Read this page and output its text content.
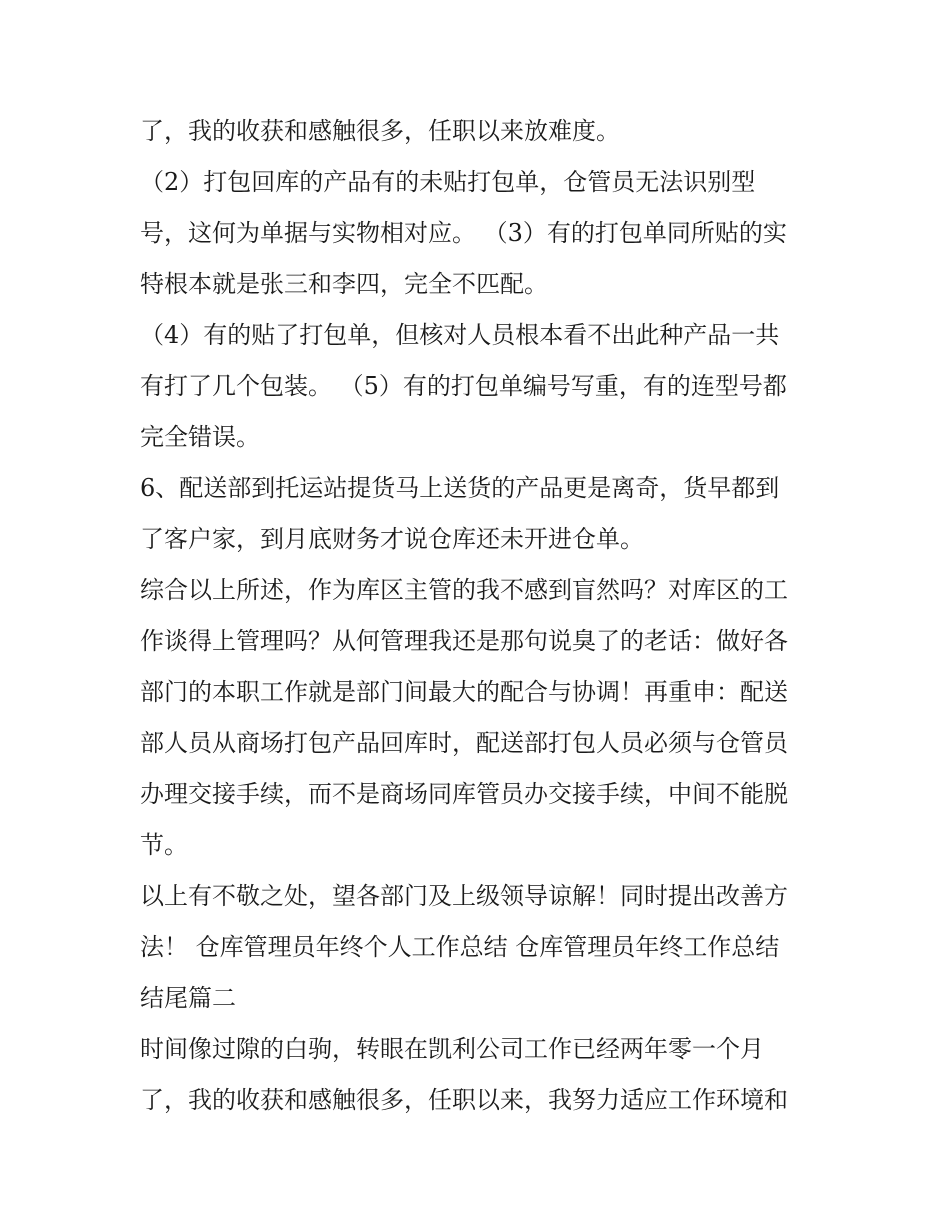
了，我的收获和感触很多，任职以来放难度。
（2）打包回库的产品有的未贴打包单，仓管员无法识别型
号，这何为单据与实物相对应。 （3）有的打包单同所贴的实
特根本就是张三和李四，完全不匹配。
（4）有的贴了打包单，但核对人员根本看不出此种产品一共
有打了几个包装。 （5）有的打包单编号写重，有的连型号都
完全错误。
6、配送部到托运站提货马上送货的产品更是离奇，货早都到
了客户家，到月底财务才说仓库还未开进仓单。
综合以上所述，作为库区主管的我不感到盲然吗？对库区的工
作谈得上管理吗？从何管理我还是那句说臭了的老话：做好各
部门的本职工作就是部门间最大的配合与协调！再重申：配送
部人员从商场打包产品回库时，配送部打包人员必须与仓管员
办理交接手续，而不是商场同库管员办交接手续，中间不能脱
节。
以上有不敬之处，望各部门及上级领导谅解！同时提出改善方
法！ 仓库管理员年终个人工作总结 仓库管理员年终工作总结
结尾篇二
时间像过隙的白驹，转眼在凯利公司工作已经两年零一个月
了，我的收获和感触很多，任职以来，我努力适应工作环境和
